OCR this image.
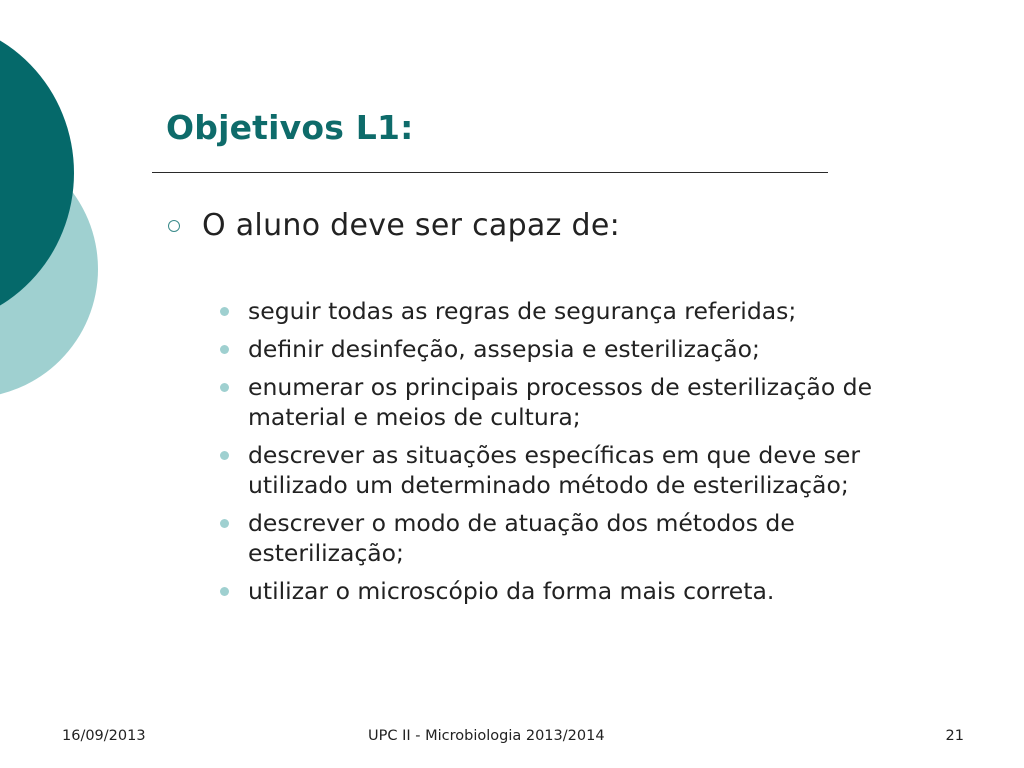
Objetivos L1:
O aluno deve ser capaz de:
seguir todas as regras de segurança referidas;
definir desinfeção, assepsia e esterilização;
enumerar os principais processos de esterilização de material e meios de cultura;
descrever as situações específicas em que deve ser utilizado um determinado método de esterilização;
descrever o modo de atuação dos métodos de esterilização;
utilizar o microscópio da forma mais correta.
16/09/2013	UPC II - Microbiologia 2013/2014	21
